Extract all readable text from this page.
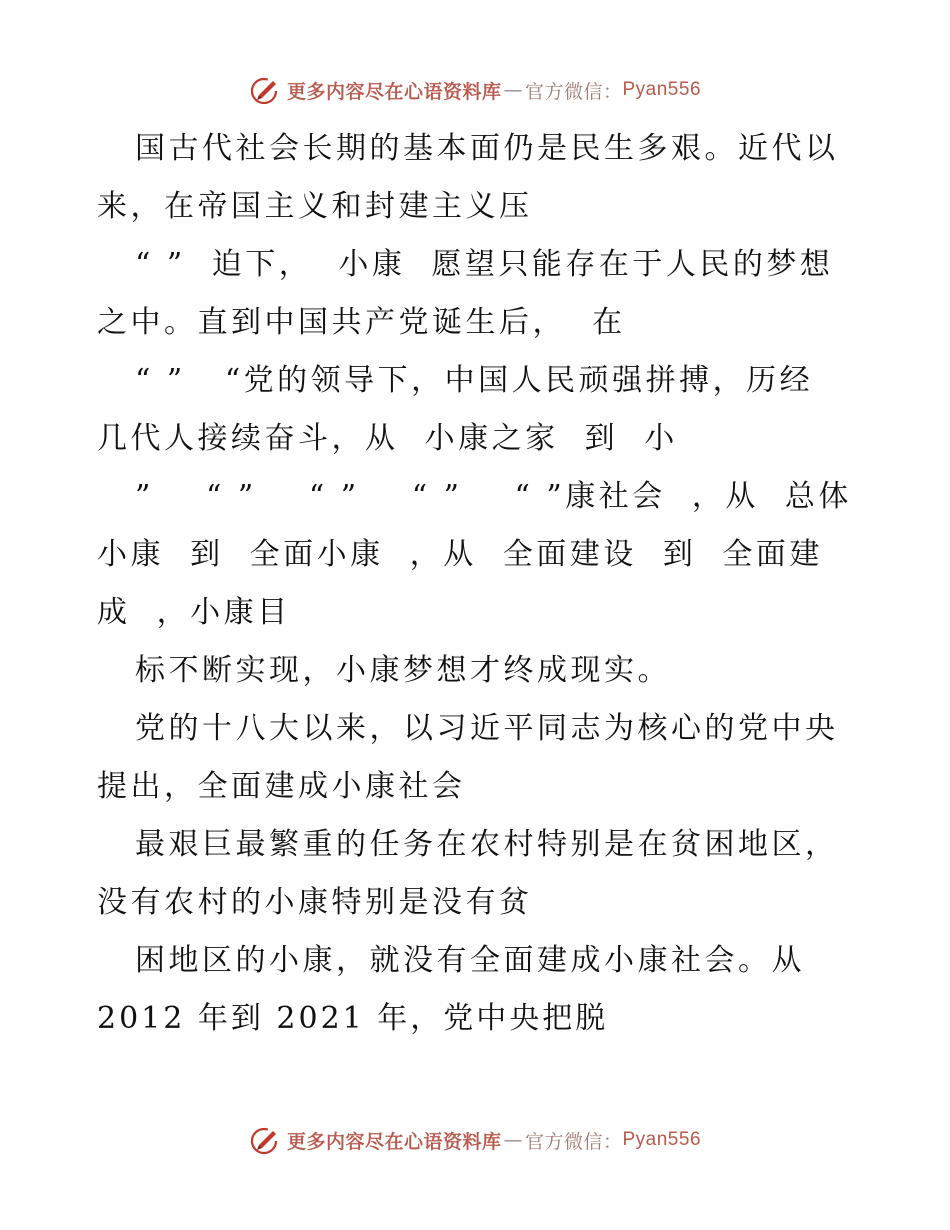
更多内容尽在心语资料库 — 官方微信： Pyan556

国古代社会长期的基本面仍是民生多艰。近代以

来，在帝国主义和封建主义压

“ ”  迫下，  小康  愿望只能存在于人民的梦想

之中。直到中国共产党诞生后，  在

“ ”   “党的领导下，中国人民顽强拼搏，历经

几代人接续奋斗，从  小康之家  到  小

”    “ ”    “ ”    “ ”    “ ”康社会  ，从  总体

小康  到  全面小康  ，从  全面建设  到  全面建

成  ，小康目

标不断实现，小康梦想才终成现实。

党的十八大以来，以习近平同志为核心的党中央

提出，全面建成小康社会

最艰巨最繁重的任务在农村特别是在贫困地区，

没有农村的小康特别是没有贫

困地区的小康，就没有全面建成小康社会。从

2012 年到 2021 年，党中央把脱

更多内容尽在心语资料库 — 官方微信： Pyan556
